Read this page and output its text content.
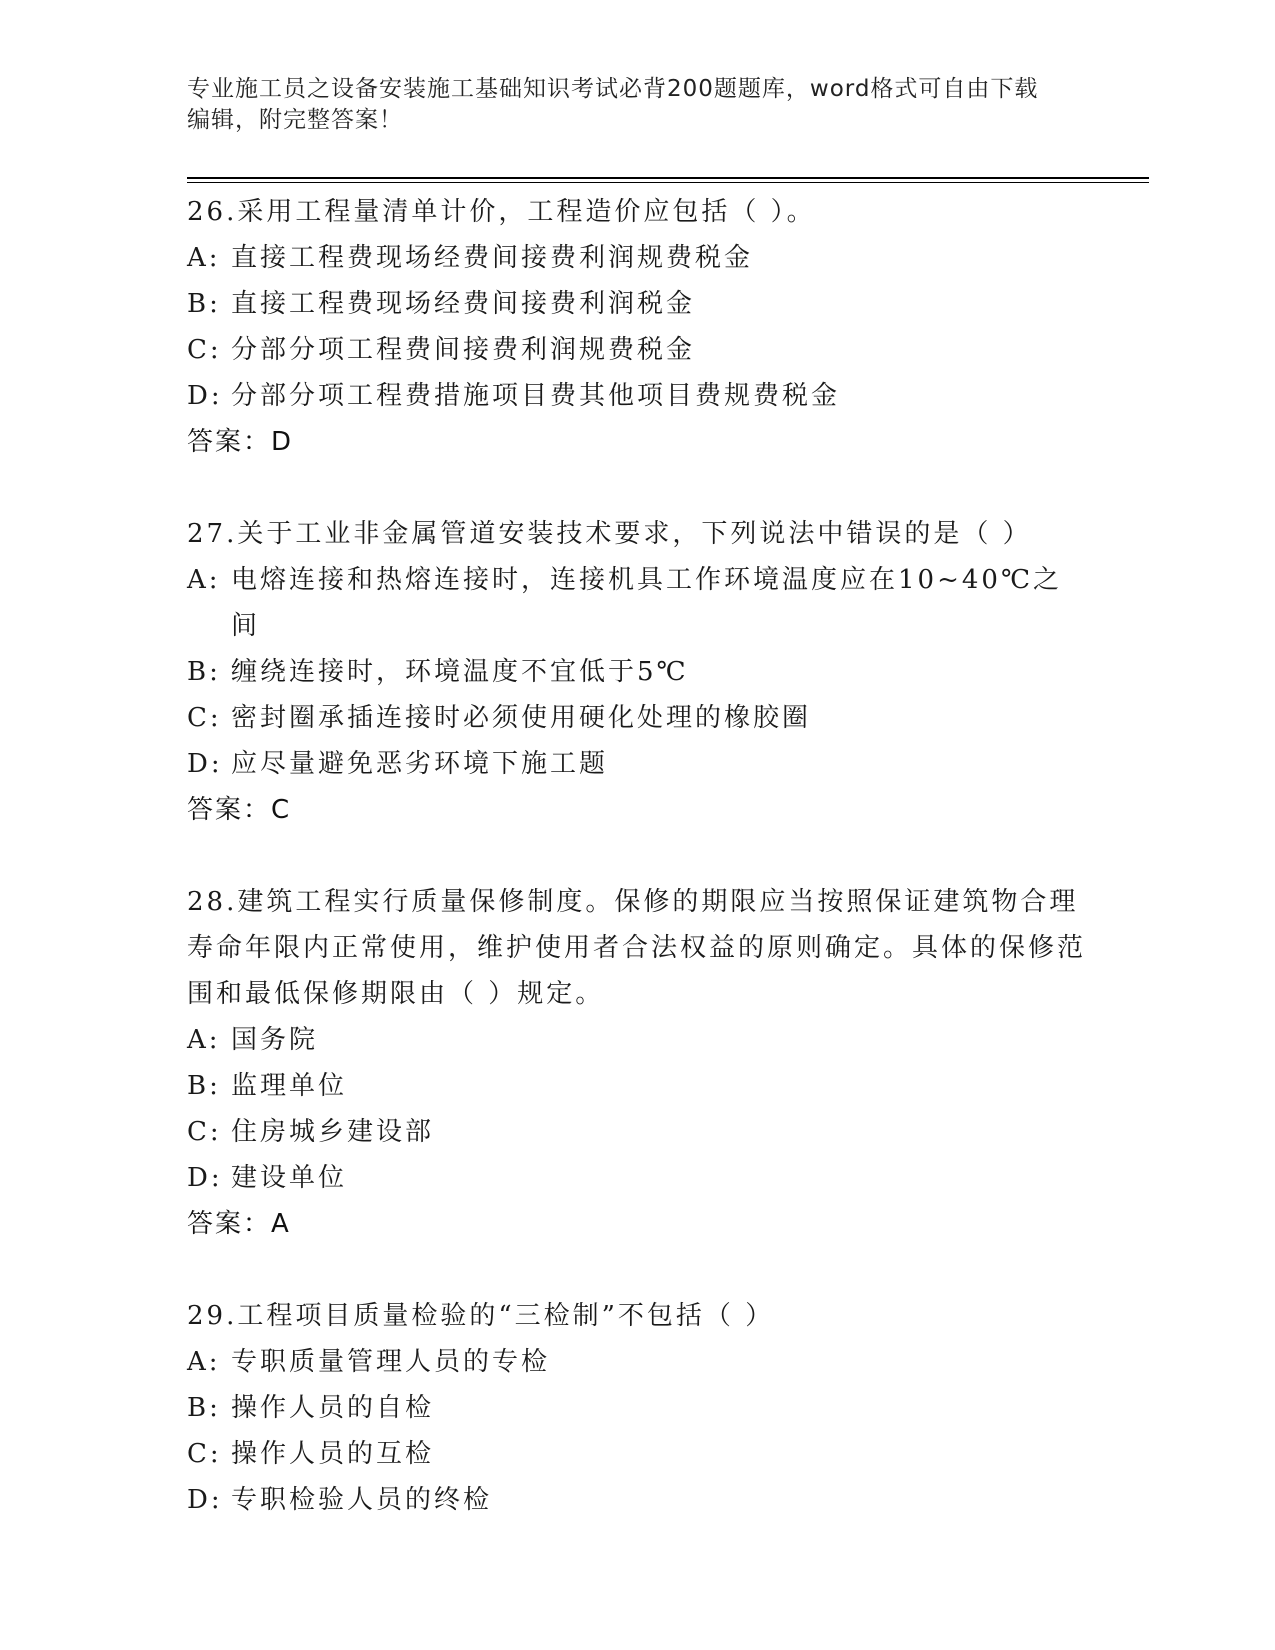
专业施工员之设备安装施工基础知识考试必背200题题库，word格式可自由下载
编辑，附完整答案！
26.采用工程量清单计价，工程造价应包括（ ）。
A: 直接工程费现场经费间接费利润规费税金
B: 直接工程费现场经费间接费利润税金
C: 分部分项工程费间接费利润规费税金
D: 分部分项工程费措施项目费其他项目费规费税金
答案：D
27.关于工业非金属管道安装技术要求，下列说法中错误的是（ ）
A: 电熔连接和热熔连接时，连接机具工作环境温度应在10~40℃之间
B: 缠绕连接时，环境温度不宜低于5℃
C: 密封圈承插连接时必须使用硬化处理的橡胶圈
D: 应尽量避免恶劣环境下施工题
答案：C
28.建筑工程实行质量保修制度。保修的期限应当按照保证建筑物合理寿命年限内正常使用，维护使用者合法权益的原则确定。具体的保修范围和最低保修期限由（ ）规定。
A: 国务院
B: 监理单位
C: 住房城乡建设部
D: 建设单位
答案：A
29.工程项目质量检验的“三检制”不包括（ ）
A: 专职质量管理人员的专检
B: 操作人员的自检
C: 操作人员的互检
D: 专职检验人员的终检
